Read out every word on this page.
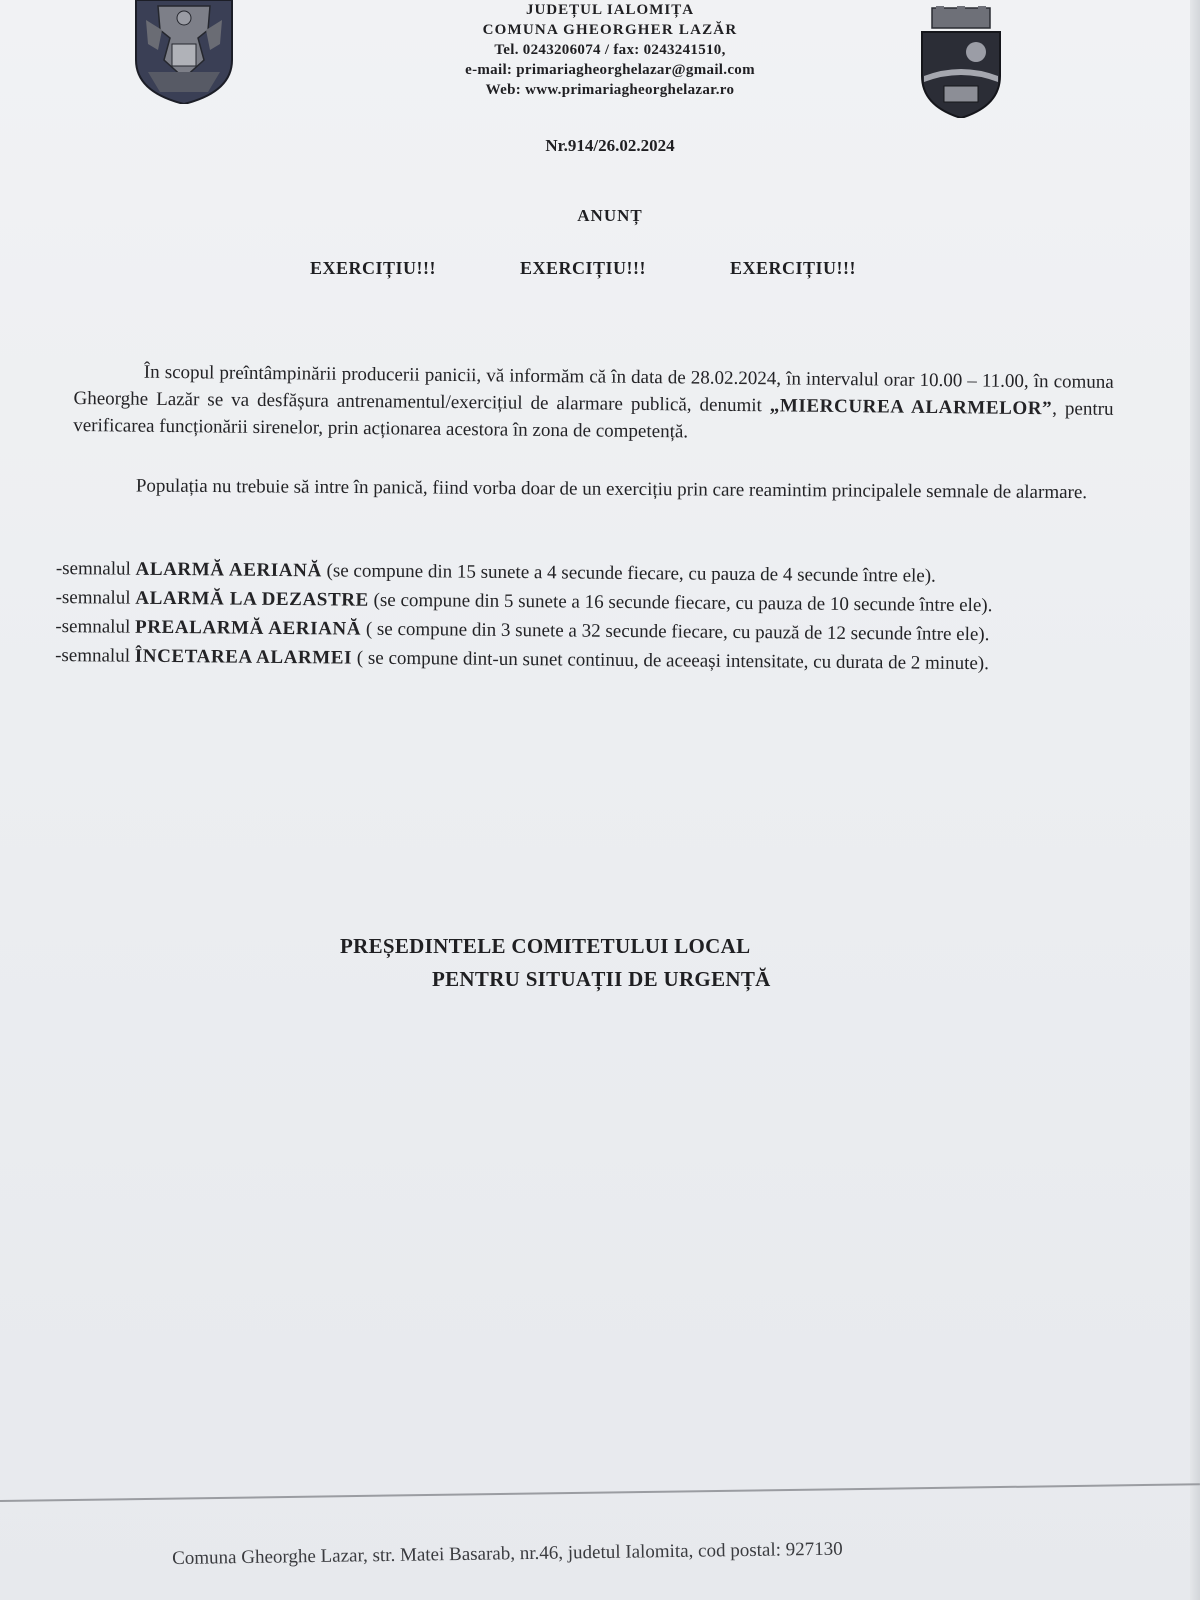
JUDEȚUL IALOMIȚA
COMUNA GHEORGHER LAZĂR
Tel. 0243206074 / fax: 0243241510,
e-mail: primariagheorghelazar@gmail.com
Web: www.primariagheorghelazar.ro
Nr.914/26.02.2024
ANUNȚ
EXERCIȚIU!!!	EXERCIȚIU!!!	EXERCIȚIU!!!
În scopul preîntâmpinării producerii panicii, vă informăm că în data de 28.02.2024, în intervalul orar 10.00 – 11.00, în comuna Gheorghe Lazăr se va desfășura antrenamentul/exercițiul de alarmare publică, denumit „MIERCUREA ALARMELOR”, pentru verificarea funcționării sirenelor, prin acționarea acestora în zona de competență.
Populația nu trebuie să intre în panică, fiind vorba doar de un exercițiu prin care reamintim principalele semnale de alarmare.
-semnalul ALARMĂ AERIANĂ (se compune din 15 sunete a 4 secunde fiecare, cu pauza de 4 secunde între ele).
-semnalul ALARMĂ LA DEZASTRE (se compune din 5 sunete a 16 secunde fiecare, cu pauza de 10 secunde între ele).
-semnalul PREALARMĂ AERIANĂ ( se compune din 3 sunete a 32 secunde fiecare, cu pauză de 12 secunde între ele).
-semnalul ÎNCETAREA ALARMEI ( se compune dint-un sunet continuu, de aceeași intensitate, cu durata de 2 minute).
PREȘEDINTELE COMITETULUI LOCAL
PENTRU SITUAȚII DE URGENȚĂ
Comuna Gheorghe Lazar, str. Matei Basarab, nr.46, judetul Ialomita, cod postal: 927130
